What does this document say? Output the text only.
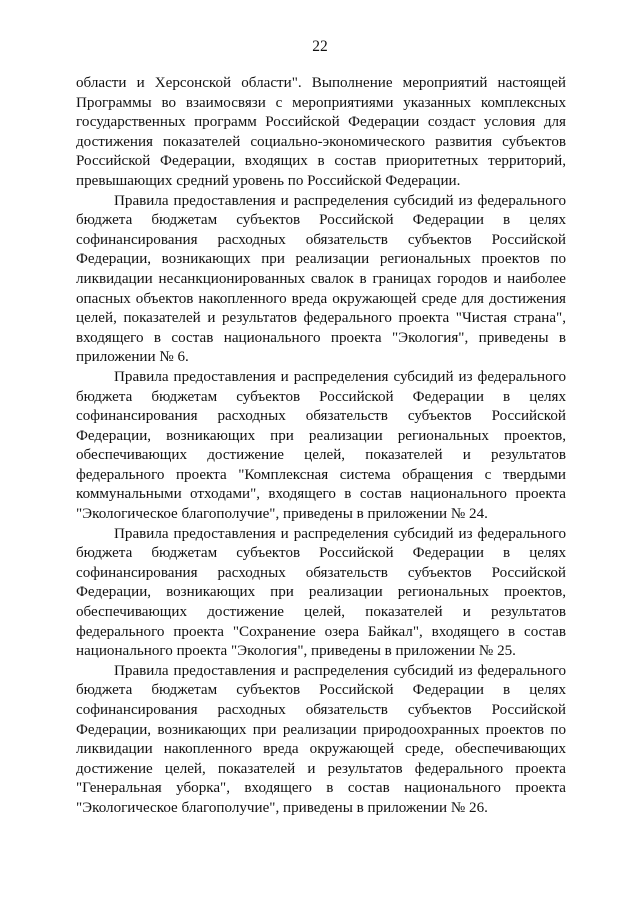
22

области и Херсонской области". Выполнение мероприятий настоящей Программы во взаимосвязи с мероприятиями указанных комплексных государственных программ Российской Федерации создаст условия для достижения показателей социально-экономического развития субъектов Российской Федерации, входящих в состав приоритетных территорий, превышающих средний уровень по Российской Федерации.

Правила предоставления и распределения субсидий из федерального бюджета бюджетам субъектов Российской Федерации в целях софинансирования расходных обязательств субъектов Российской Федерации, возникающих при реализации региональных проектов по ликвидации несанкционированных свалок в границах городов и наиболее опасных объектов накопленного вреда окружающей среде для достижения целей, показателей и результатов федерального проекта "Чистая страна", входящего в состав национального проекта "Экология", приведены в приложении № 6.

Правила предоставления и распределения субсидий из федерального бюджета бюджетам субъектов Российской Федерации в целях софинансирования расходных обязательств субъектов Российской Федерации, возникающих при реализации региональных проектов, обеспечивающих достижение целей, показателей и результатов федерального проекта "Комплексная система обращения с твердыми коммунальными отходами", входящего в состав национального проекта "Экологическое благополучие", приведены в приложении № 24.

Правила предоставления и распределения субсидий из федерального бюджета бюджетам субъектов Российской Федерации в целях софинансирования расходных обязательств субъектов Российской Федерации, возникающих при реализации региональных проектов, обеспечивающих достижение целей, показателей и результатов федерального проекта "Сохранение озера Байкал", входящего в состав национального проекта "Экология", приведены в приложении № 25.

Правила предоставления и распределения субсидий из федерального бюджета бюджетам субъектов Российской Федерации в целях софинансирования расходных обязательств субъектов Российской Федерации, возникающих при реализации природоохранных проектов по ликвидации накопленного вреда окружающей среде, обеспечивающих достижение целей, показателей и результатов федерального проекта "Генеральная уборка", входящего в состав национального проекта "Экологическое благополучие", приведены в приложении № 26.
